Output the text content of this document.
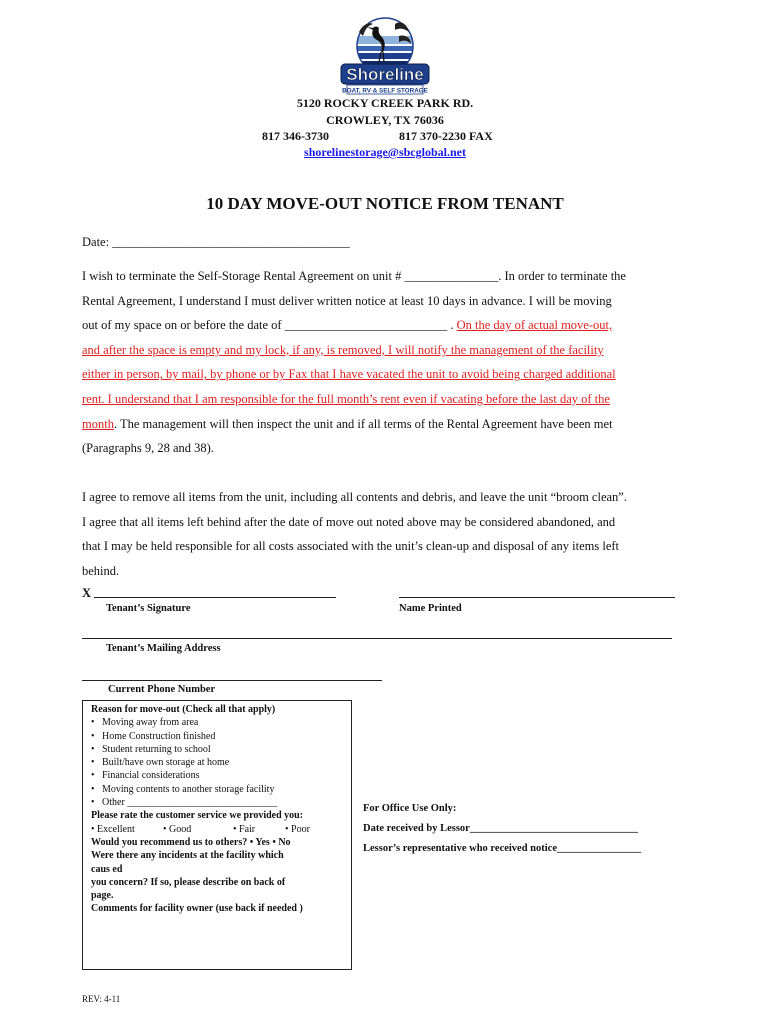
Shoreline
BOAT, RV & SELF STORAGE
5120 ROCKY CREEK PARK RD.
CROWLEY, TX 76036
817 346-3730	817 370-2230 FAX
shorelinestorage@sbcglobal.net
10 DAY MOVE-OUT NOTICE FROM TENANT
Date: ______________________________________
I wish to terminate the Self-Storage Rental Agreement on unit # _______________. In order to terminate the
Rental Agreement, I understand I must deliver written notice at least 10 days in advance. I will be moving
out of my space on or before the date of __________________________ . On the day of actual move-out,
and after the space is empty and my lock, if any, is removed, I will notify the management of the facility either in person, by mail, by phone or by Fax that I have vacated the unit to avoid being charged additional rent. I understand that I am responsible for the full month’s rent even if vacating before the last day of the
month. The management will then inspect the unit and if all terms of the Rental Agreement have been met
(Paragraphs 9, 28 and 38).
I agree to remove all items from the unit, including all contents and debris, and leave the unit “broom clean”.
I agree that all items left behind after the date of move out noted above may be considered abandoned, and
that I may be held responsible for all costs associated with the unit’s clean-up and disposal of any items left
behind.
X
Tenant’s Signature	Name Printed
Tenant’s Mailing Address
Current Phone Number
Reason for move-out (Check all that apply)
• Moving away from area
• Home Construction finished
• Student returning to school
• Built/have own storage at home
• Financial considerations
• Moving contents to another storage facility
• Other ______________________________
Please rate the customer service we provided you:
• Excellent	• Good	• Fair	• Poor
Would you recommend us to others? • Yes • No
Were there any incidents at the facility which
caus ed
you concern? If so, please describe on back of
page.
Comments for facility owner (use back if needed )
For Office Use Only:
Date received by Lessor________________________________
Lessor’s representative who received notice________________
REV: 4-11
